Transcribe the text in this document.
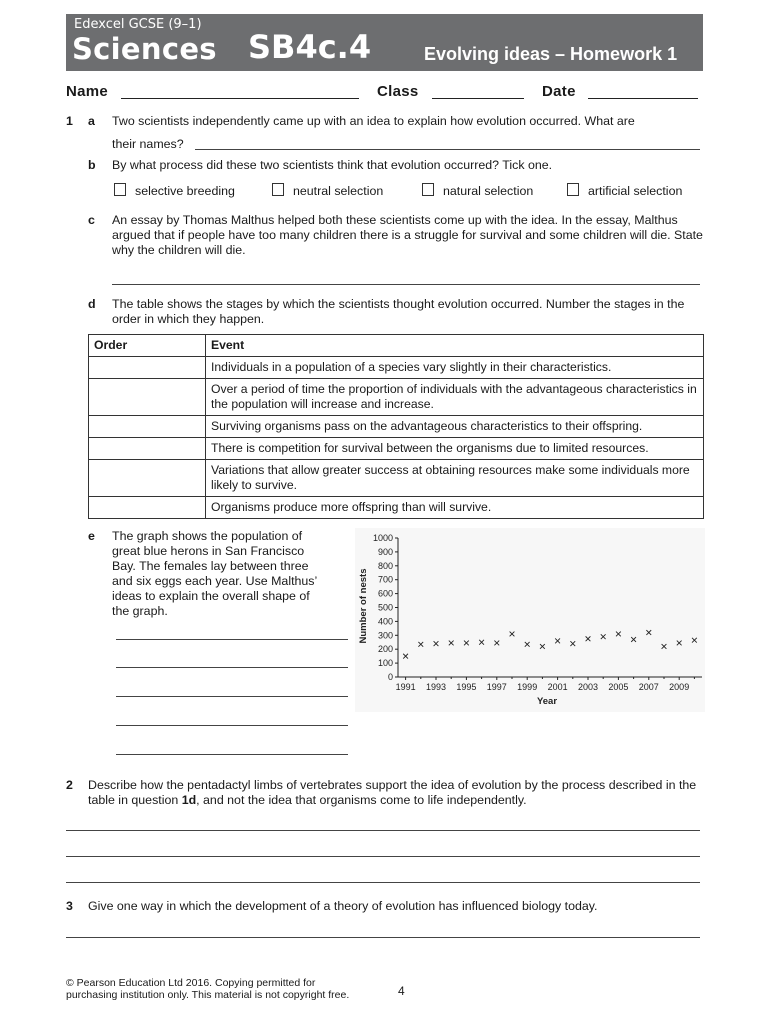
Edexcel GCSE (9–1)
Sciences SB4c.4	Evolving ideas – Homework 1
Name	Class	Date
1 a Two scientists independently came up with an idea to explain how evolution occurred. What are
their names?
b By what process did these two scientists think that evolution occurred? Tick one.
selective breeding	neutral selection	natural selection	artificial selection
c An essay by Thomas Malthus helped both these scientists come up with the idea. In the essay, Malthus argued that if people have too many children there is a struggle for survival and some children will die. State why the children will die.
d The table shows the stages by which the scientists thought evolution occurred. Number the stages in the order in which they happen.
Order	Event
	Individuals in a population of a species vary slightly in their characteristics.
	Over a period of time the proportion of individuals with the advantageous characteristics in the population will increase and increase.
	Surviving organisms pass on the advantageous characteristics to their offspring.
	There is competition for survival between the organisms due to limited resources.
	Variations that allow greater success at obtaining resources make some individuals more likely to survive.
	Organisms produce more offspring than will survive.
e The graph shows the population of great blue herons in San Francisco Bay. The females lay between three and six eggs each year. Use Malthus’ ideas to explain the overall shape of the graph.
0
100
200
300
400
500
600
700
800
900
1000
1991 1993 1995 1997 1999 2001 2003 2005 2007 2009
Number of nests
Year
2 Describe how the pentadactyl limbs of vertebrates support the idea of evolution by the process described in the table in question 1d, and not the idea that organisms come to life independently.
3 Give one way in which the development of a theory of evolution has influenced biology today.
© Pearson Education Ltd 2016. Copying permitted for purchasing institution only. This material is not copyright free.	4
